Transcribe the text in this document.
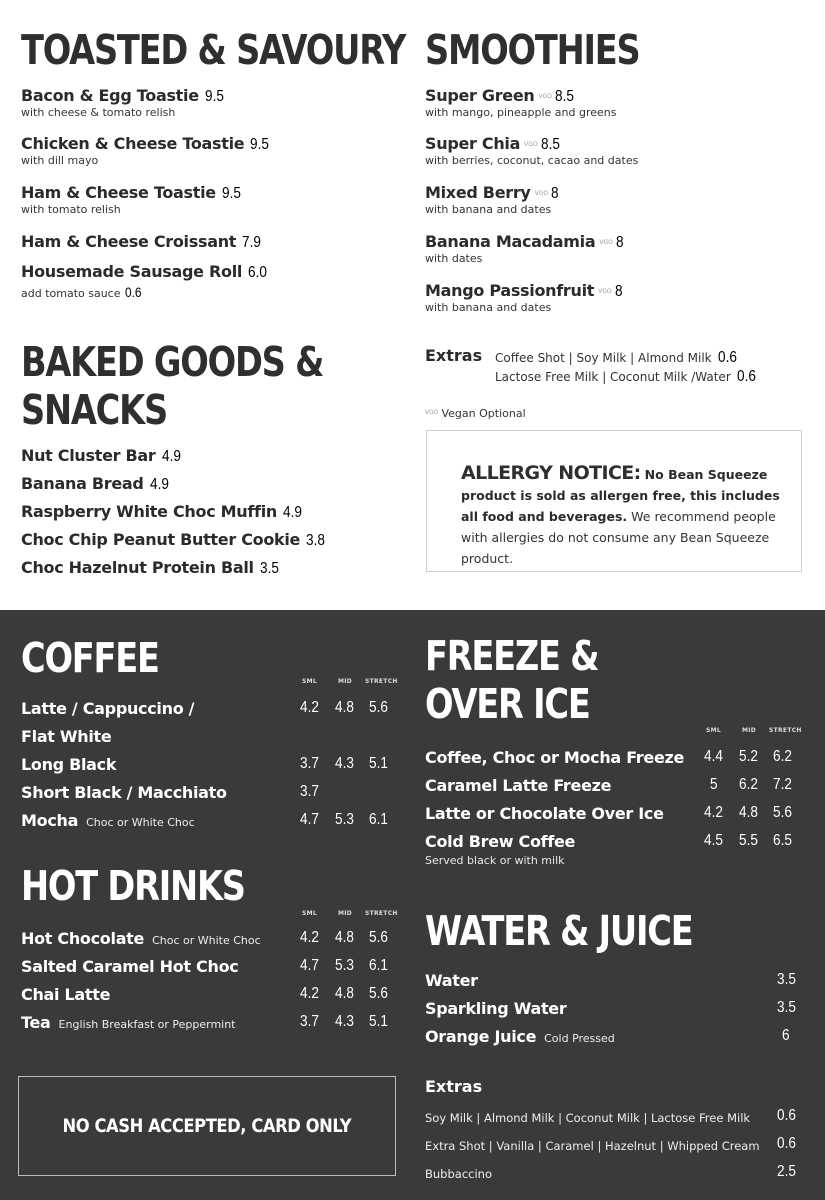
TOASTED & SAVOURY
Bacon & Egg Toastie 9.5
with cheese & tomato relish
Chicken & Cheese Toastie 9.5
with dill mayo
Ham & Cheese Toastie 9.5
with tomato relish
Ham & Cheese Croissant 7.9
Housemade Sausage Roll 6.0
add tomato sauce 0.6
BAKED GOODS &
SNACKS
Nut Cluster Bar 4.9
Banana Bread 4.9
Raspberry White Choc Muffin 4.9
Choc Chip Peanut Butter Cookie 3.8
Choc Hazelnut Protein Ball 3.5
SMOOTHIES
Super Green VGO 8.5
with mango, pineapple and greens
Super Chia VGO 8.5
with berries, coconut, cacao and dates
Mixed Berry VGO 8
with banana and dates
Banana Macadamia VGO 8
with dates
Mango Passionfruit VGO 8
with banana and dates
Extras Coffee Shot | Soy Milk | Almond Milk 0.6
Lactose Free Milk | Coconut Milk /Water 0.6
VGO Vegan Optional
ALLERGY NOTICE: No Bean Squeeze product is sold as allergen free, this includes all food and beverages. We recommend people with allergies do not consume any Bean Squeeze product.
COFFEE	SML	MID STRETCH
Latte / Cappuccino /	4.2 4.8 5.6
Flat White
Long Black	3.7 4.3 5.1
Short Black / Macchiato	3.7
Mocha Choc or White Choc	4.7 5.3 6.1
HOT DRINKS
SML	MID STRETCH
Hot Chocolate Choc or White Choc 4.2 4.8 5.6
Salted Caramel Hot Choc	4.7 5.3 6.1
Chai Latte	4.2 4.8 5.6
Tea English Breakfast or Peppermint	3.7 4.3 5.1
NO CASH ACCEPTED, CARD ONLY
FREEZE &
OVER ICE
SML	MID STRETCH
Coffee, Choc or Mocha Freeze 4.4 5.2 6.2
Caramel Latte Freeze	5 6.2 7.2
Latte or Chocolate Over Ice	4.2 4.8 5.6
Cold Brew Coffee	4.5 5.5 6.5
Served black or with milk
WATER & JUICE
Water	3.5
Sparkling Water	3.5
Orange Juice Cold Pressed	6
Extras
Soy Milk | Almond Milk | Coconut Milk | Lactose Free Milk 0.6
Extra Shot | Vanilla | Caramel | Hazelnut | Whipped Cream 0.6
Bubbaccino	2.5
